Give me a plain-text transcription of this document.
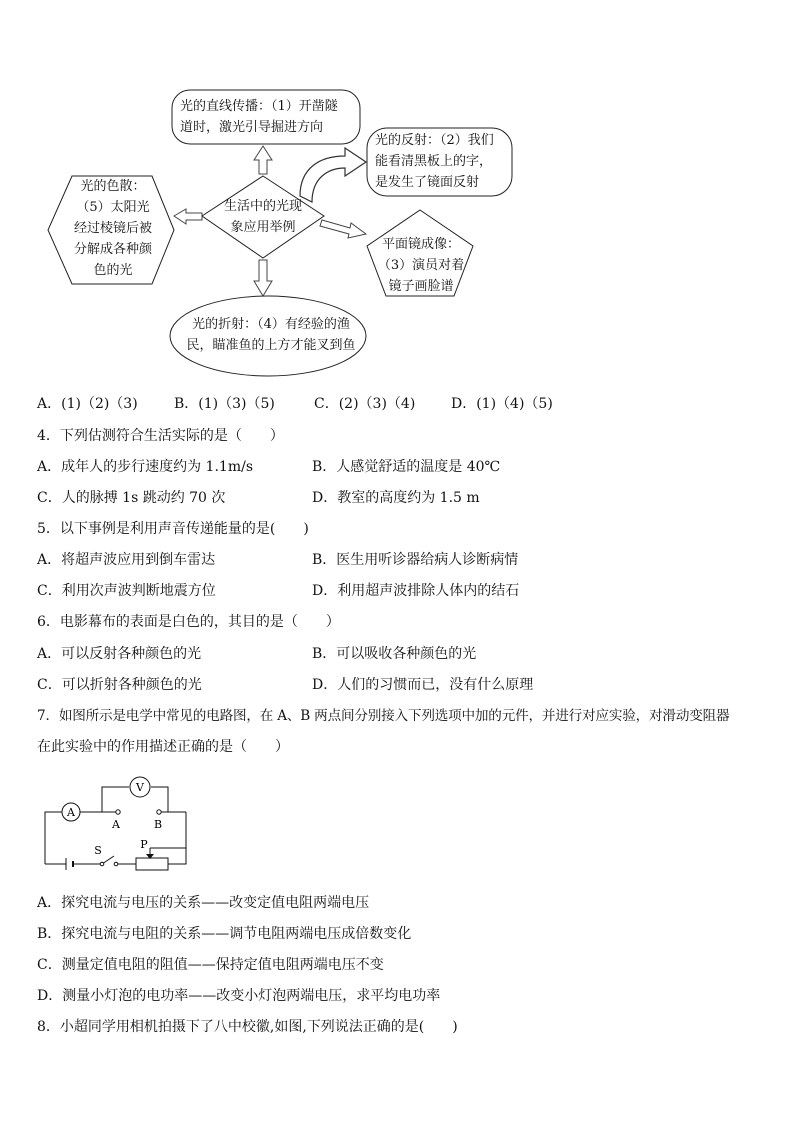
光的直线传播：（1）开凿隧
道时，激光引导掘进方向
光的反射：（2）我们
能看清黑板上的字，
是发生了镜面反射
光的色散：
（5）太阳光
经过棱镜后被
分解成各种颜
色的光
生活中的光现
象应用举例
平面镜成像：
（3）演员对着
镜子画脸谱
光的折射：（4）有经验的渔
民，瞄准鱼的上方才能叉到鱼
A．(1)（2)（3)	B．(1)（3)（5)	C．(2)（3)（4)	D．(1)（4)（5)
4．下列估测符合生活实际的是（　　）
A．成年人的步行速度约为 1.1m/s	B．人感觉舒适的温度是 40℃
C．人的脉搏 1s 跳动约 70 次	D．教室的高度约为 1.5 m
5．以下事例是利用声音传递能量的是(　　)
A．将超声波应用到倒车雷达	B．医生用听诊器给病人诊断病情
C．利用次声波判断地震方位	D．利用超声波排除人体内的结石
6．电影幕布的表面是白色的，其目的是（　　）
A．可以反射各种颜色的光	B．可以吸收各种颜色的光
C．可以折射各种颜色的光	D．人们的习惯而已，没有什么原理
7．如图所示是电学中常见的电路图，在 A、B 两点间分别接入下列选项中加的元件，并进行对应实验，对滑动变阻器
在此实验中的作用描述正确的是（　　）
A
V
A	B
S	P
A．探究电流与电压的关系——改变定值电阻两端电压
B．探究电流与电阻的关系——调节电阻两端电压成倍数变化
C．测量定值电阻的阻值——保持定值电阻两端电压不变
D．测量小灯泡的电功率——改变小灯泡两端电压，求平均电功率
8．小超同学用相机拍摄下了八中校徽,如图,下列说法正确的是(　　)
